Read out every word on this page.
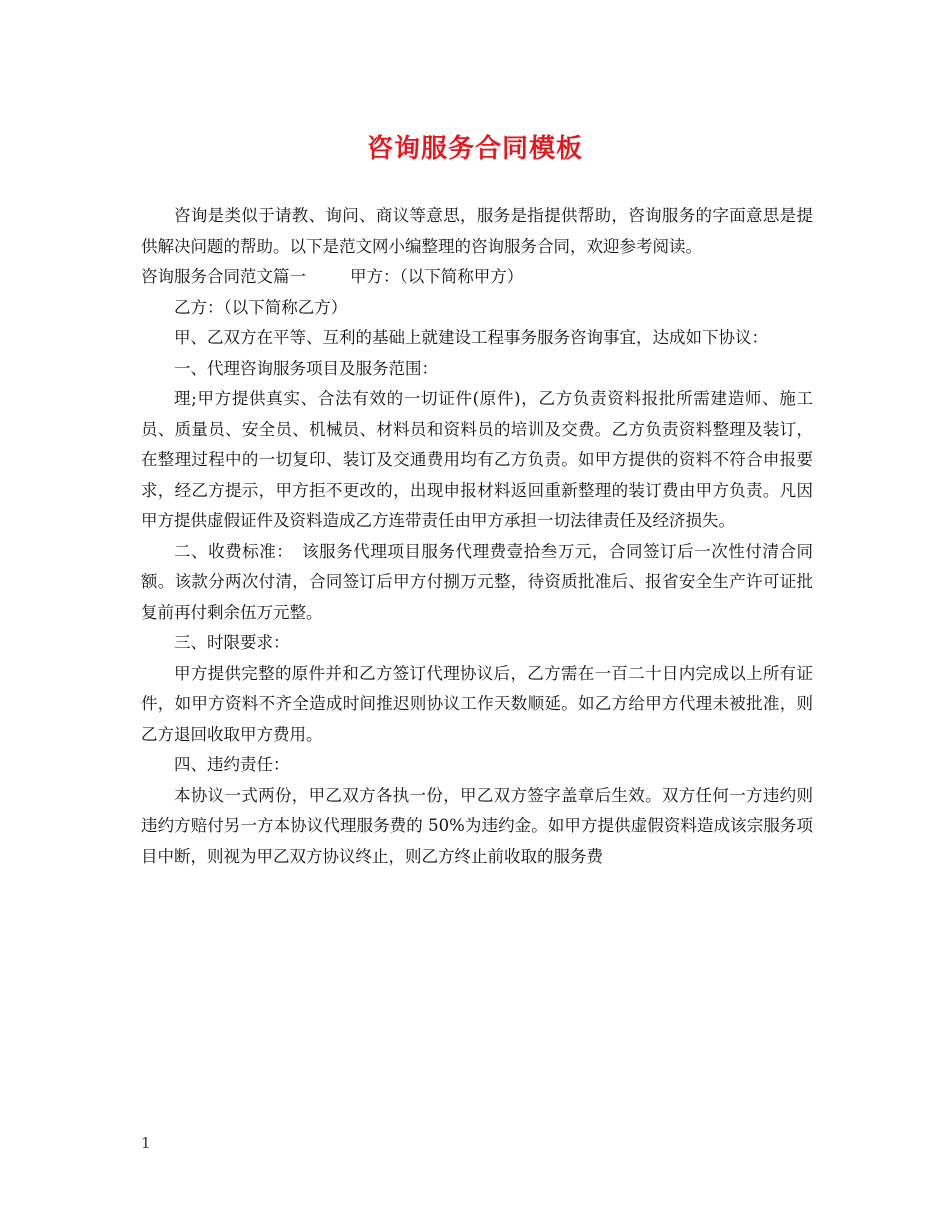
咨询服务合同模板

咨询是类似于请教、询问、商议等意思，服务是指提供帮助，咨询服务的字面意思是提供解决问题的帮助。以下是范文网小编整理的咨询服务合同，欢迎参考阅读。

咨询服务合同范文篇一	甲方：（以下简称甲方）

乙方：（以下简称乙方）

甲、乙双方在平等、互利的基础上就建设工程事务服务咨询事宜，达成如下协议：

一、代理咨询服务项目及服务范围：

理;甲方提供真实、合法有效的一切证件(原件)，乙方负责资料报批所需建造师、施工员、质量员、安全员、机械员、材料员和资料员的培训及交费。乙方负责资料整理及装订，在整理过程中的一切复印、装订及交通费用均有乙方负责。如甲方提供的资料不符合申报要求，经乙方提示，甲方拒不更改的，出现申报材料返回重新整理的装订费由甲方负责。凡因甲方提供虚假证件及资料造成乙方连带责任由甲方承担一切法律责任及经济损失。

二、收费标准：　该服务代理项目服务代理费壹拾叁万元，合同签订后一次性付清合同额。该款分两次付清，合同签订后甲方付捌万元整，待资质批准后、报省安全生产许可证批复前再付剩余伍万元整。

三、时限要求：

甲方提供完整的原件并和乙方签订代理协议后，乙方需在一百二十日内完成以上所有证件，如甲方资料不齐全造成时间推迟则协议工作天数顺延。如乙方给甲方代理未被批准，则乙方退回收取甲方费用。

四、违约责任：

本协议一式两份，甲乙双方各执一份，甲乙双方签字盖章后生效。双方任何一方违约则违约方赔付另一方本协议代理服务费的 50%为违约金。如甲方提供虚假资料造成该宗服务项目中断，则视为甲乙双方协议终止，则乙方终止前收取的服务费

1
